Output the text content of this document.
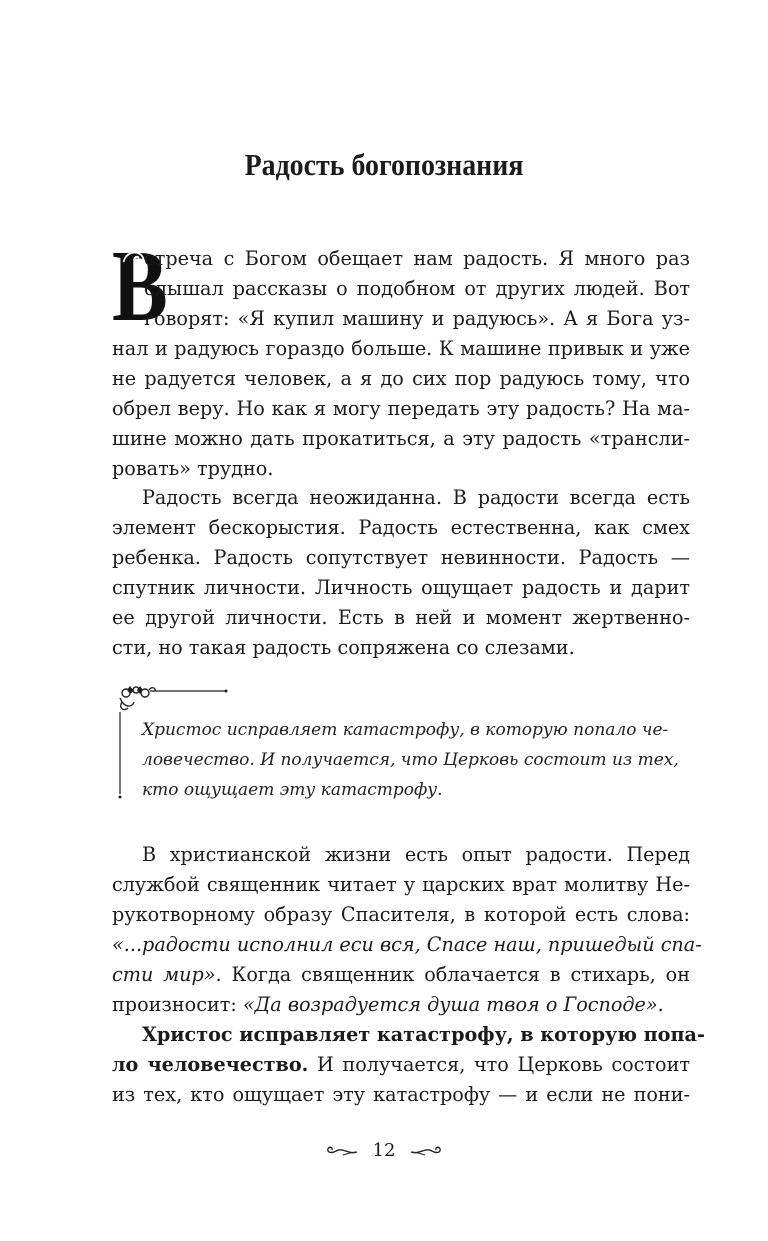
Радость богопознания
В
стреча с Богом обещает нам радость. Я много раз
слышал рассказы о подобном от других людей. Вот
говорят: «Я купил машину и радуюсь». А я Бога уз-
нал и радуюсь гораздо больше. К машине привык и уже
не радуется человек, а я до сих пор радуюсь тому, что
обрел веру. Но как я могу передать эту радость? На ма-
шине можно дать прокатиться, а эту радость «трансли-
ровать» трудно.
Радость всегда неожиданна. В радости всегда есть
элемент бескорыстия. Радость естественна, как смех
ребенка. Радость сопутствует невинности. Радость —
спутник личности. Личность ощущает радость и дарит
ее другой личности. Есть в ней и момент жертвенно-
сти, но такая радость сопряжена со слезами.
Христос исправляет катастрофу, в которую попало че-
ловечество. И получается, что Церковь состоит из тех,
кто ощущает эту катастрофу.
В христианской жизни есть опыт радости. Перед
службой священник читает у царских врат молитву Не-
рукотворному образу Спасителя, в которой есть слова:
«...радости исполнил еси вся, Спасе наш, пришедый спа-
сти мир». Когда священник облачается в стихарь, он
произносит: «Да возрадуется душа твоя о Господе».
Христос исправляет катастрофу, в которую попа-
ло человечество. И получается, что Церковь состоит
из тех, кто ощущает эту катастрофу — и если не пони-
12
